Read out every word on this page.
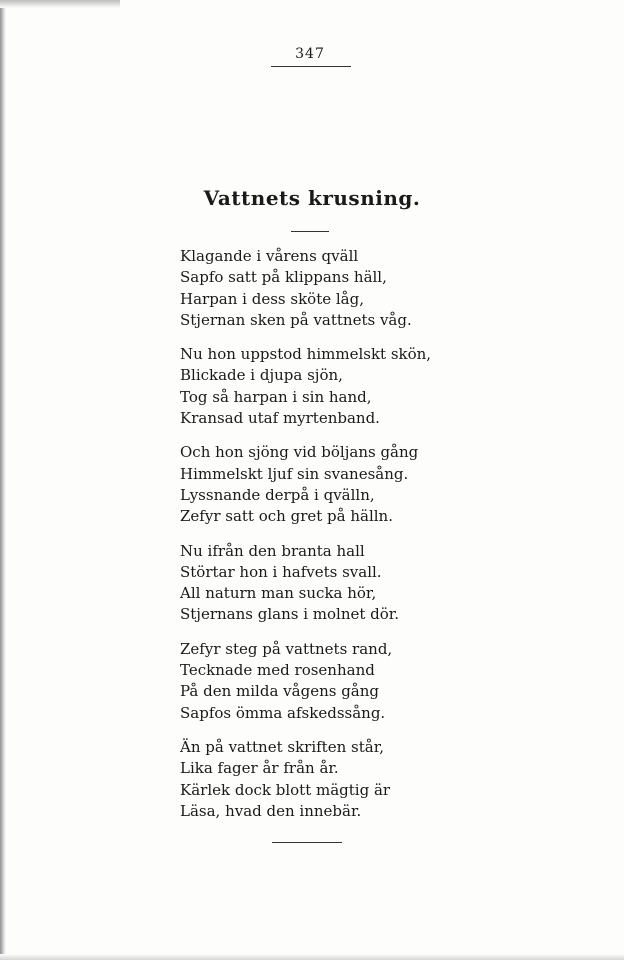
347
Vattnets krusning.
Klagande i vårens qväll
Sapfo satt på klippans häll,
Harpan i dess sköte låg,
Stjernan sken på vattnets våg.
Nu hon uppstod himmelskt skön,
Blickade i djupa sjön,
Tog så harpan i sin hand,
Kransad utaf myrtenband.
Och hon sjöng vid böljans gång
Himmelskt ljuf sin svanesång.
Lyssnande derpå i qvälln,
Zefyr satt och gret på hälln.
Nu ifrån den branta hall
Störtar hon i hafvets svall.
All naturn man sucka hör,
Stjernans glans i molnet dör.
Zefyr steg på vattnets rand,
Tecknade med rosenhand
På den milda vågens gång
Sapfos ömma afskedssång.
Än på vattnet skriften står,
Lika fager år från år.
Kärlek dock blott mägtig är
Läsa, hvad den innebär.
